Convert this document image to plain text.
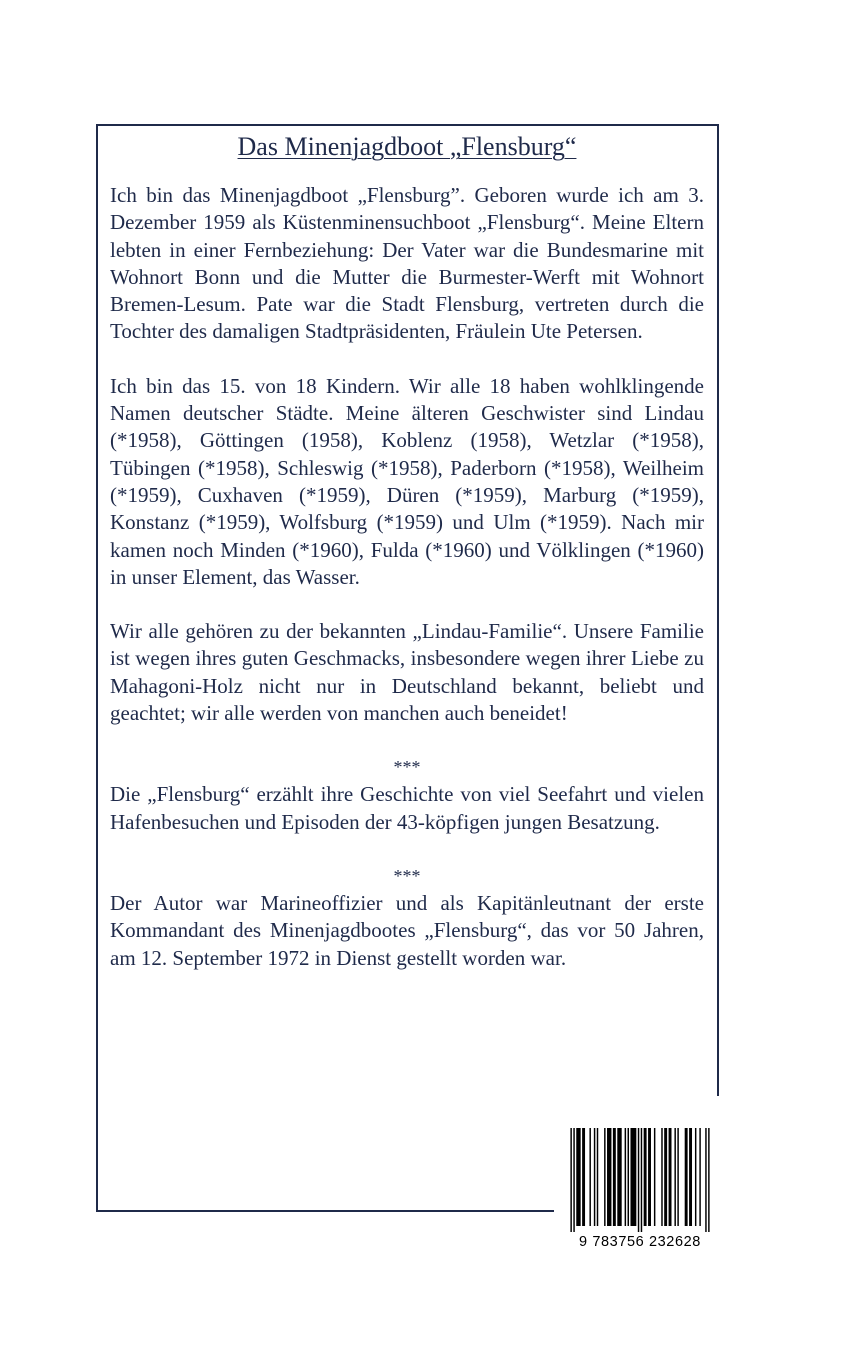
Das Minenjagdboot „Flensburg“

Ich bin das Minenjagdboot „Flensburg”. Geboren wurde ich am 3. Dezember 1959 als Küstenminensuchboot „Flensburg“. Meine Eltern lebten in einer Fernbeziehung: Der Vater war die Bundesmarine mit Wohnort Bonn und die Mutter die Burmester-Werft mit Wohnort Bremen-Lesum. Pate war die Stadt Flensburg, vertreten durch die Tochter des damaligen Stadtpräsidenten, Fräulein Ute Petersen.

Ich bin das 15. von 18 Kindern. Wir alle 18 haben wohlklingende Namen deutscher Städte. Meine älteren Geschwister sind Lindau (*1958), Göttingen (1958), Koblenz (1958), Wetzlar (*1958), Tübingen (*1958), Schleswig (*1958), Paderborn (*1958), Weilheim (*1959), Cuxhaven (*1959), Düren (*1959), Marburg (*1959), Konstanz (*1959), Wolfsburg (*1959) und Ulm (*1959). Nach mir kamen noch Minden (*1960), Fulda (*1960) und Völklingen (*1960) in unser Element, das Wasser.

Wir alle gehören zu der bekannten „Lindau-Familie“. Unsere Familie ist wegen ihres guten Geschmacks, insbesondere wegen ihrer Liebe zu Mahagoni-Holz nicht nur in Deutschland bekannt, beliebt und geachtet; wir alle werden von manchen auch beneidet!

***

Die „Flensburg“ erzählt ihre Geschichte von viel Seefahrt und vielen Hafenbesuchen und Episoden der 43-köpfigen jungen Besatzung.

***

Der Autor war Marineoffizier und als Kapitänleutnant der erste Kommandant des Minenjagdbootes „Flensburg“, das vor 50 Jahren, am 12. September 1972 in Dienst gestellt worden war.

9 783756 232628
